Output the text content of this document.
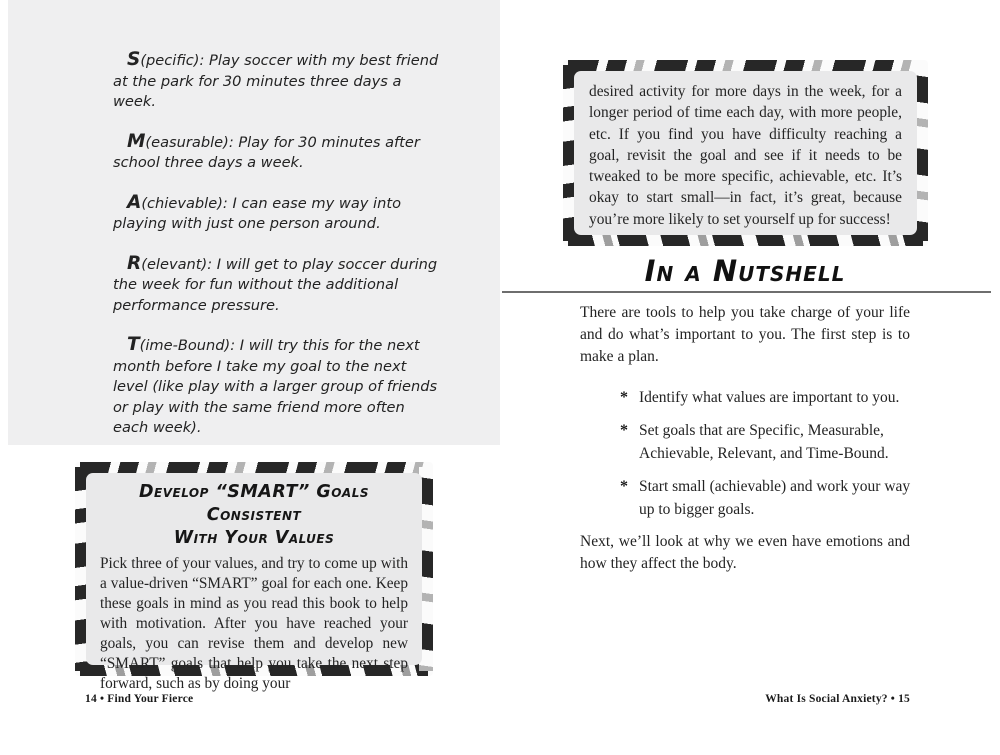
S(pecific): Play soccer with my best friend at the park for 30 minutes three days a week.

M(easurable): Play for 30 minutes after school three days a week.

A(chievable): I can ease my way into playing with just one person around.

R(elevant): I will get to play soccer during the week for fun without the additional performance pressure.

T(ime-Bound): I will try this for the next month before I take my goal to the next level (like play with a larger group of friends or play with the same friend more often each week).

Develop “SMART” Goals Consistent
With Your Values
Pick three of your values, and try to come up with a value-driven “SMART” goal for each one. Keep these goals in mind as you read this book to help with motivation. After you have reached your goals, you can revise them and develop new “SMART” goals that help you take the next step forward, such as by doing your
14 • Find Your Fierce
desired activity for more days in the week, for a longer period of time each day, with more people, etc. If you find you have difficulty reaching a goal, revisit the goal and see if it needs to be tweaked to be more specific, achievable, etc. It’s okay to start small—in fact, it’s great, because you’re more likely to set yourself up for success!
In a Nutshell
There are tools to help you take charge of your life and do what’s important to you. The first step is to make a plan.
* Identify what values are important to you.
* Set goals that are Specific, Measurable, Achievable, Relevant, and Time-Bound.
* Start small (achievable) and work your way up to bigger goals.
Next, we’ll look at why we even have emotions and how they affect the body.
What Is Social Anxiety? • 15
